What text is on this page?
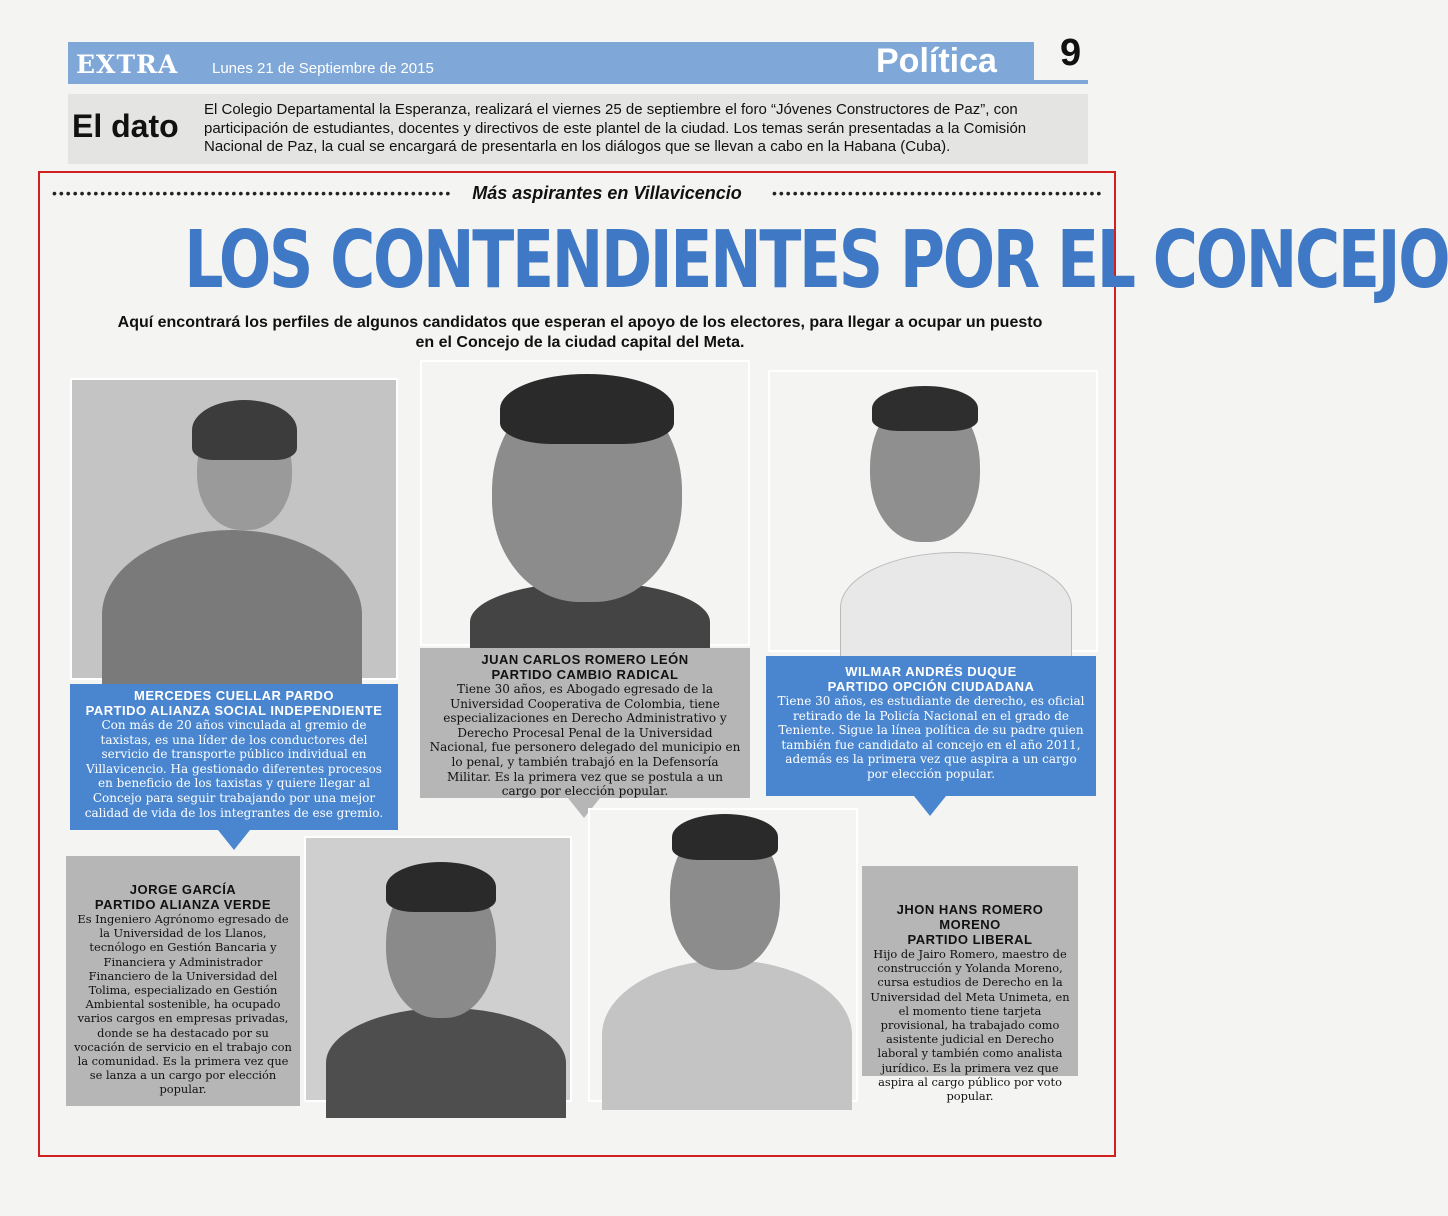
EXTRA Lunes 21 de Septiembre de 2015	Política 9
El dato El Colegio Departamental la Esperanza, realizará el viernes 25 de septiembre el foro “Jóvenes Constructores de Paz”, con participación de estudiantes, docentes y directivos de este plantel de la ciudad. Los temas serán presentadas a la Comisión Nacional de Paz, la cual se encargará de presentarla en los diálogos que se llevan a cabo en la Habana (Cuba).
••••••••••••••••••••••••••••••••••••••••••••••••••••••••••	••••••••••••••••••••••••••••••••••••••••••••••••
Más aspirantes en Villavicencio
LOS CONTENDIENTES POR EL CONCEJO
Aquí encontrará los perfiles de algunos candidatos que esperan el apoyo de los electores, para llegar a ocupar un puesto en el Concejo de la ciudad capital del Meta.
MERCEDES CUELLAR PARDO
PARTIDO ALIANZA SOCIAL INDEPENDIENTE
Con más de 20 años vinculada al gremio de taxistas, es una líder de los conductores del servicio de transporte público individual en Villavicencio. Ha gestionado diferentes procesos en beneficio de los taxistas y quiere llegar al Concejo para seguir trabajando por una mejor calidad de vida de los integrantes de ese gremio.
JUAN CARLOS ROMERO LEÓN
PARTIDO CAMBIO RADICAL
Tiene 30 años, es Abogado egresado de la Universidad Cooperativa de Colombia, tiene especializaciones en Derecho Administrativo y Derecho Procesal Penal de la Universidad Nacional, fue personero delegado del municipio en lo penal, y también trabajó en la Defensoría Militar. Es la primera vez que se postula a un cargo por elección popular.
WILMAR ANDRÉS DUQUE
PARTIDO OPCIÓN CIUDADANA
Tiene 30 años, es estudiante de derecho, es oficial retirado de la Policía Nacional en el grado de Teniente. Sigue la línea política de su padre quien también fue candidato al concejo en el año 2011, además es la primera vez que aspira a un cargo por elección popular.
JORGE GARCÍA
PARTIDO ALIANZA VERDE
Es Ingeniero Agrónomo egresado de la Universidad de los Llanos, tecnólogo en Gestión Bancaria y Financiera y Administrador Financiero de la Universidad del Tolima, especializado en Gestión Ambiental sostenible, ha ocupado varios cargos en empresas privadas, donde se ha destacado por su vocación de servicio en el trabajo con la comunidad. Es la primera vez que se lanza a un cargo por elección popular.
JHON HANS ROMERO MORENO
PARTIDO LIBERAL
Hijo de Jairo Romero, maestro de construcción y Yolanda Moreno, cursa estudios de Derecho en la Universidad del Meta Unimeta, en el momento tiene tarjeta provisional, ha trabajado como asistente judicial en Derecho laboral y también como analista jurídico. Es la primera vez que aspira al cargo público por voto popular.
